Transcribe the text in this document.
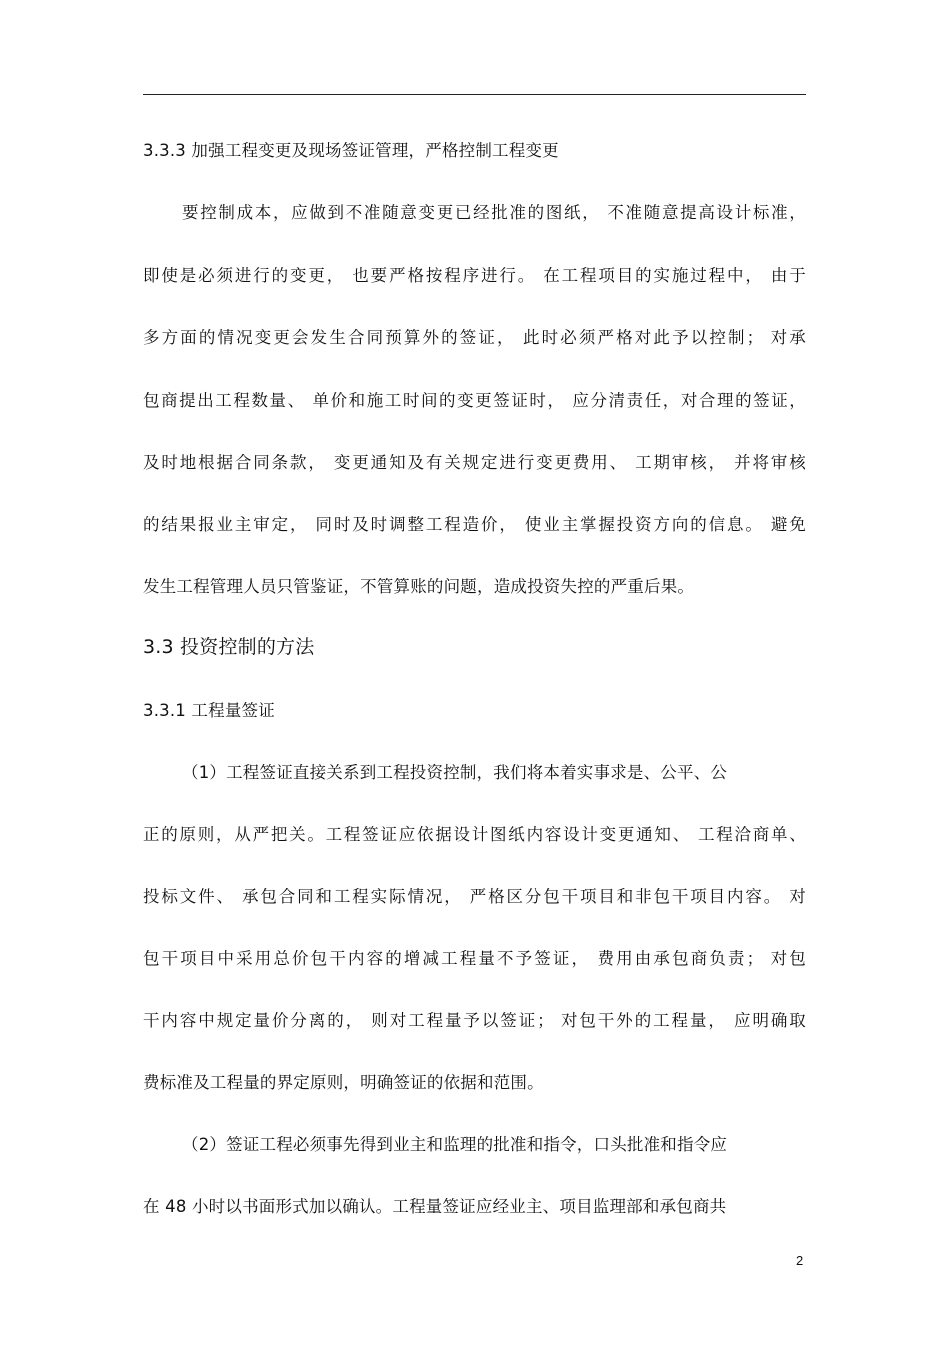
3.3.3 加强工程变更及现场签证管理，严格控制工程变更
要控制成本，应做到不准随意变更已经批准的图纸， 不准随意提高设计标准，
即使是必须进行的变更， 也要严格按程序进行。 在工程项目的实施过程中， 由于
多方面的情况变更会发生合同预算外的签证， 此时必须严格对此予以控制； 对承
包商提出工程数量、 单价和施工时间的变更签证时， 应分清责任，对合理的签证，
及时地根据合同条款， 变更通知及有关规定进行变更费用、 工期审核， 并将审核
的结果报业主审定， 同时及时调整工程造价， 使业主掌握投资方向的信息。 避免
发生工程管理人员只管鉴证，不管算账的问题，造成投资失控的严重后果。
3.3 投资控制的方法
3.3.1 工程量签证
（1）工程签证直接关系到工程投资控制，我们将本着实事求是、公平、公
正的原则，从严把关。工程签证应依据设计图纸内容设计变更通知、 工程洽商单、
投标文件、 承包合同和工程实际情况， 严格区分包干项目和非包干项目内容。 对
包干项目中采用总价包干内容的增减工程量不予签证， 费用由承包商负责； 对包
干内容中规定量价分离的， 则对工程量予以签证； 对包干外的工程量， 应明确取
费标准及工程量的界定原则，明确签证的依据和范围。
（2）签证工程必须事先得到业主和监理的批准和指令，口头批准和指令应
在 48 小时以书面形式加以确认。工程量签证应经业主、项目监理部和承包商共
2
